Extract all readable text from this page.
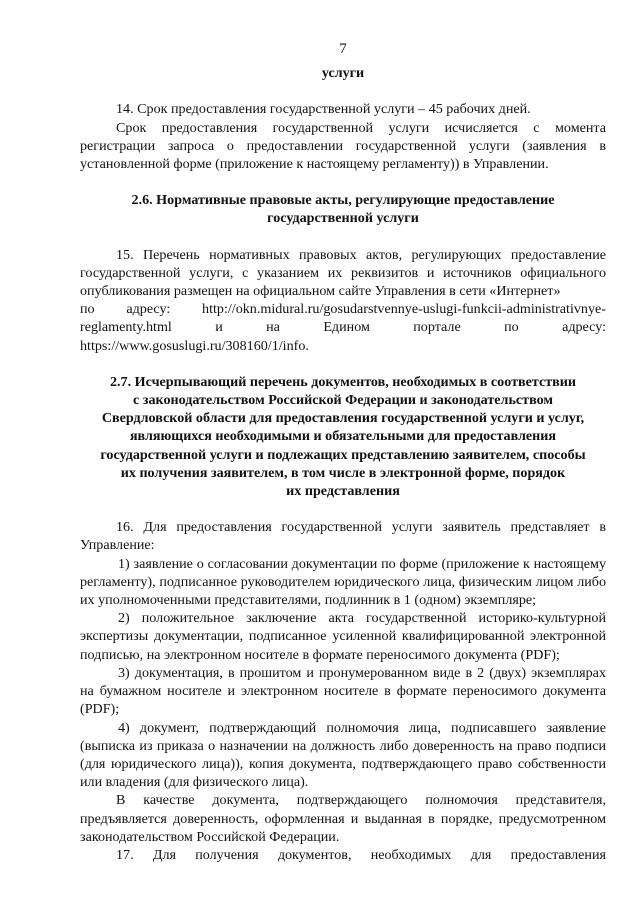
7

услуги

14. Срок предоставления государственной услуги – 45 рабочих дней.

Срок предоставления государственной услуги исчисляется с момента регистрации запроса о предоставлении государственной услуги (заявления в установленной форме (приложение к настоящему регламенту)) в Управлении.

2.6. Нормативные правовые акты, регулирующие предоставление
государственной услуги

15. Перечень нормативных правовых актов, регулирующих предоставление государственной услуги, с указанием их реквизитов и источников официального опубликования размещен на официальном сайте Управления в сети «Интернет»

по адресу: http://okn.midural.ru/gosudarstvennye-uslugi-funkcii-administrativnye-
reglamenty.html	и	на	Едином	портале	по	адресу:

https://www.gosuslugi.ru/308160/1/info.

2.7. Исчерпывающий перечень документов, необходимых в соответствии
с законодательством Российской Федерации и законодательством
Свердловской области для предоставления государственной услуги и услуг,
являющихся необходимыми и обязательными для предоставления
государственной услуги и подлежащих представлению заявителем, способы
их получения заявителем, в том числе в электронной форме, порядок
их представления

16. Для предоставления государственной услуги заявитель представляет в Управление:

1) заявление о согласовании документации по форме (приложение к настоящему регламенту), подписанное руководителем юридического лица, физическим лицом либо их уполномоченными представителями, подлинник в 1 (одном) экземпляре;

2) положительное заключение акта государственной историко-культурной экспертизы документации, подписанное усиленной квалифицированной электронной подписью, на электронном носителе в формате переносимого документа (PDF);

3) документация, в прошитом и пронумерованном виде в 2 (двух) экземплярах на бумажном носителе и электронном носителе в формате переносимого документа (PDF);

4) документ, подтверждающий полномочия лица, подписавшего заявление (выписка из приказа о назначении на должность либо доверенность на право подписи (для юридического лица)), копия документа, подтверждающего право собственности или владения (для физического лица).

В качестве документа, подтверждающего полномочия представителя, предъявляется доверенность, оформленная и выданная в порядке, предусмотренном законодательством Российской Федерации.

17. Для получения документов, необходимых для предоставления
